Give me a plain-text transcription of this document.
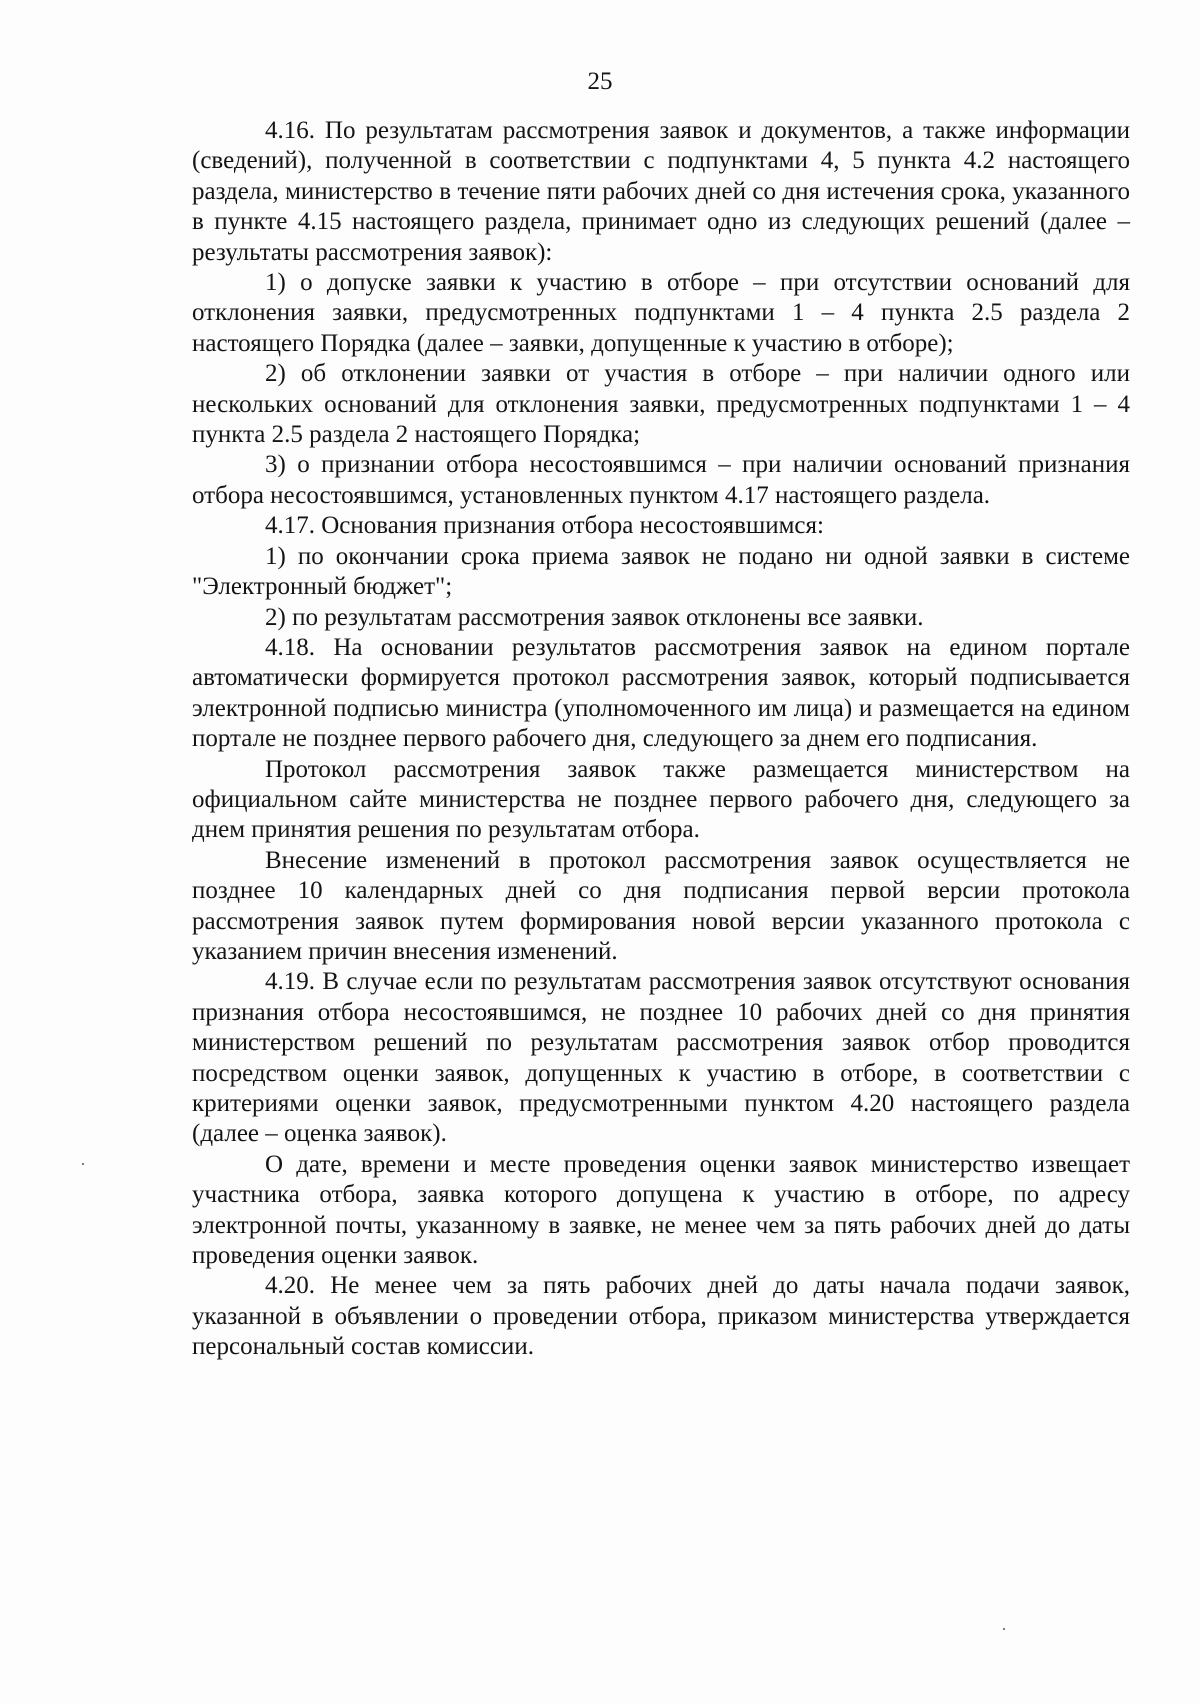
25

4.16. По результатам рассмотрения заявок и документов, а также информации (сведений), полученной в соответствии с подпунктами 4, 5 пункта 4.2 настоящего раздела, министерство в течение пяти рабочих дней со дня истечения срока, указанного в пункте 4.15 настоящего раздела, принимает одно из следующих решений (далее – результаты рассмотрения заявок):

1) о допуске заявки к участию в отборе – при отсутствии оснований для отклонения заявки, предусмотренных подпунктами 1 – 4 пункта 2.5 раздела 2 настоящего Порядка (далее – заявки, допущенные к участию в отборе);

2) об отклонении заявки от участия в отборе – при наличии одного или нескольких оснований для отклонения заявки, предусмотренных подпунктами 1 – 4 пункта 2.5 раздела 2 настоящего Порядка;

3) о признании отбора несостоявшимся – при наличии оснований признания отбора несостоявшимся, установленных пунктом 4.17 настоящего раздела.

4.17. Основания признания отбора несостоявшимся:

1) по окончании срока приема заявок не подано ни одной заявки в системе "Электронный бюджет";

2) по результатам рассмотрения заявок отклонены все заявки.

4.18. На основании результатов рассмотрения заявок на едином портале автоматически формируется протокол рассмотрения заявок, который подписывается электронной подписью министра (уполномоченного им лица) и размещается на едином портале не позднее первого рабочего дня, следующего за днем его подписания.

Протокол рассмотрения заявок также размещается министерством на официальном сайте министерства не позднее первого рабочего дня, следующего за днем принятия решения по результатам отбора.

Внесение изменений в протокол рассмотрения заявок осуществляется не позднее 10 календарных дней со дня подписания первой версии протокола рассмотрения заявок путем формирования новой версии указанного протокола с указанием причин внесения изменений.

4.19. В случае если по результатам рассмотрения заявок отсутствуют основания признания отбора несостоявшимся, не позднее 10 рабочих дней со дня принятия министерством решений по результатам рассмотрения заявок отбор проводится посредством оценки заявок, допущенных к участию в отборе, в соответствии с критериями оценки заявок, предусмотренными пунктом 4.20 настоящего раздела (далее – оценка заявок).

О дате, времени и месте проведения оценки заявок министерство извещает участника отбора, заявка которого допущена к участию в отборе, по адресу электронной почты, указанному в заявке, не менее чем за пять рабочих дней до даты проведения оценки заявок.

4.20. Не менее чем за пять рабочих дней до даты начала подачи заявок, указанной в объявлении о проведении отбора, приказом министерства утверждается персональный состав комиссии.
